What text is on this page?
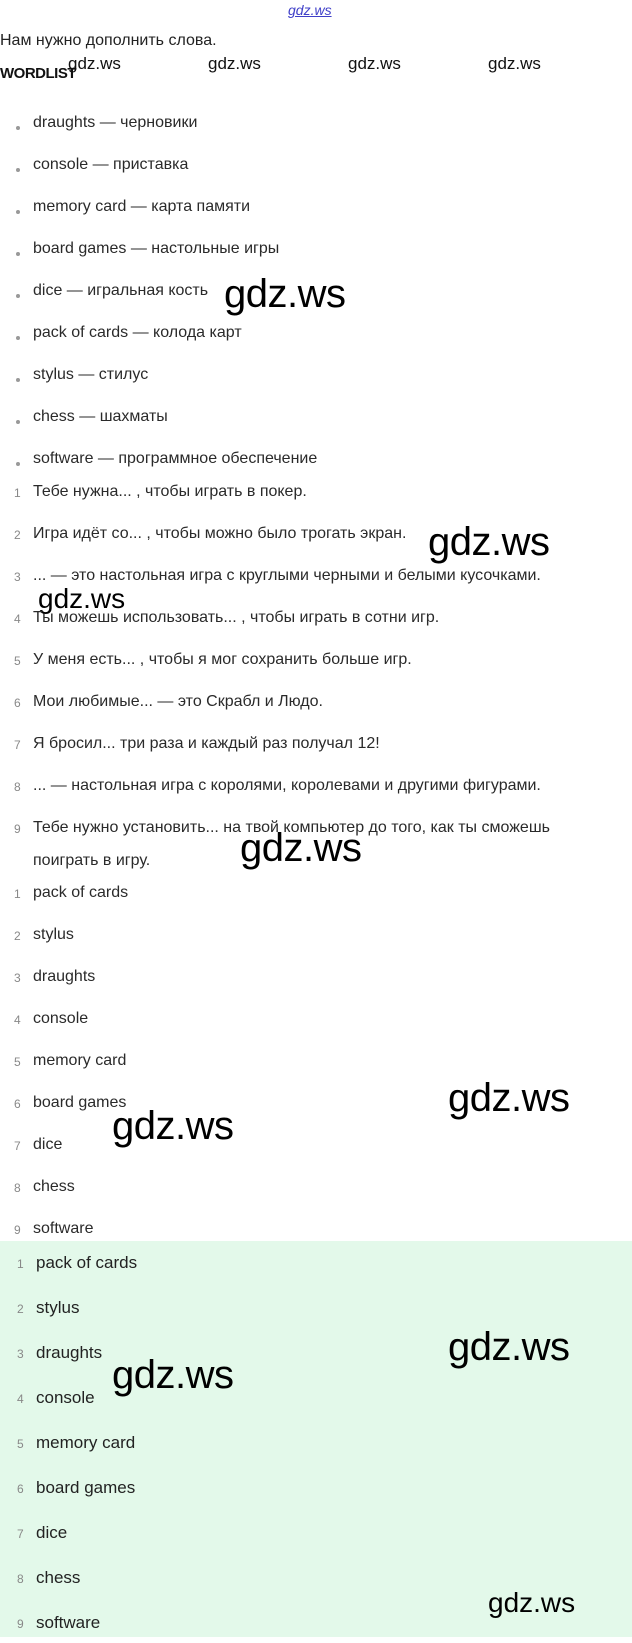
gdz.ws
Нам нужно дополнить слова.
WORDLIST
gdz.ws	gdz.ws	gdz.ws	gdz.ws
gdz.ws
gdz.ws
gdz.ws
gdz.ws
gdz.ws
gdz.ws
draughts — черновики
console — приставка
memory card — карта памяти
board games — настольные игры
dice — игральная кость
pack of cards — колода карт
stylus — стилус
chess — шахматы
software — программное обеспечение
1 Тебе нужна... , чтобы играть в покер.
2 Игра идёт со... , чтобы можно было трогать экран.
3 ... — это настольная игра с круглыми черными и белыми кусочками.
4 Ты можешь использовать... , чтобы играть в сотни игр.
5 У меня есть... , чтобы я мог сохранить больше игр.
6 Мои любимые... — это Скрабл и Людо.
7 Я бросил... три раза и каждый раз получал 12!
8 ... — настольная игра с королями, королевами и другими фигурами.
9 Тебе нужно установить... на твой компьютер до того, как ты сможешь
поиграть в игру.
1 pack of cards
2 stylus
3 draughts
4 console
5 memory card
6 board games
7 dice
8 chess
9 software
1 pack of cards
2 stylus
3 draughts
4 console
5 memory card
6 board games
7 dice
8 chess
9 software
gdz.ws
gdz.ws
gdz.ws
